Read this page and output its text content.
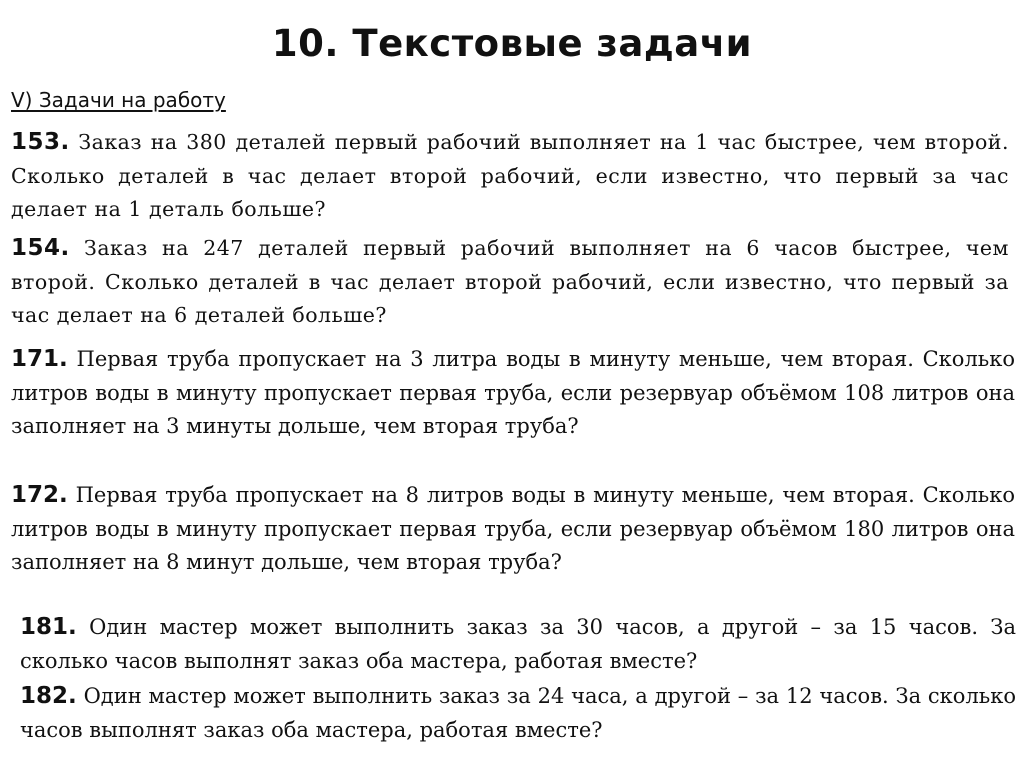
10. Текстовые задачи

V) Задачи на работу

153. Заказ на 380 деталей первый рабочий выполняет на 1 час быстрее, чем второй. Сколько деталей в час делает второй рабочий, если известно, что первый за час делает на 1 деталь больше?

154. Заказ на 247 деталей первый рабочий выполняет на 6 часов быстрее, чем второй. Сколько деталей в час делает второй рабочий, если известно, что первый за час делает на 6 деталей больше?

171. Первая труба пропускает на 3 литра воды в минуту меньше, чем вторая. Сколько литров воды в минуту пропускает первая труба, если резервуар объёмом 108 литров она заполняет на 3 минуты дольше, чем вторая труба?

172. Первая труба пропускает на 8 литров воды в минуту меньше, чем вторая. Сколько литров воды в минуту пропускает первая труба, если резервуар объёмом 180 литров она заполняет на 8 минут дольше, чем вторая труба?

181. Один мастер может выполнить заказ за 30 часов, а другой – за 15 часов. За сколько часов выполнят заказ оба мастера, работая вместе?

182. Один мастер может выполнить заказ за 24 часа, а другой – за 12 часов. За сколько часов выполнят заказ оба мастера, работая вместе?
